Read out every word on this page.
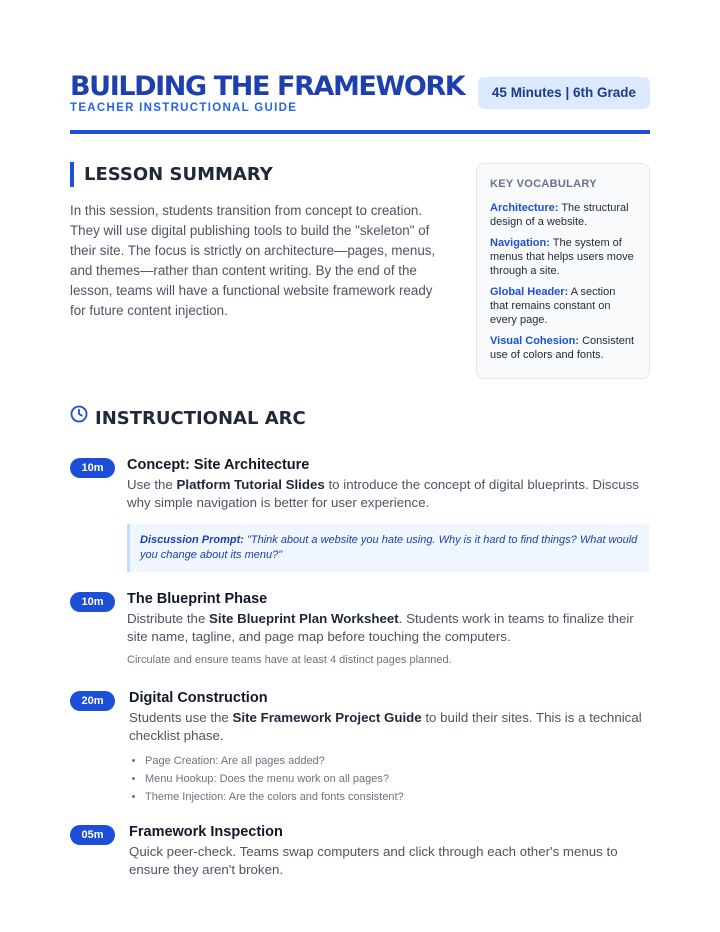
BUILDING THE FRAMEWORK
TEACHER INSTRUCTIONAL GUIDE
45 Minutes | 6th Grade
LESSON SUMMARY

In this session, students transition from concept to creation. They will use digital publishing tools to build the "skeleton" of their site. The focus is strictly on architecture—pages, menus, and themes—rather than content writing. By the end of the lesson, teams will have a functional website framework ready for future content injection.

KEY VOCABULARY
Architecture: The structural design of a website.
Navigation: The system of menus that helps users move through a site.
Global Header: A section that remains constant on every page.
Visual Cohesion: Consistent use of colors and fonts.
INSTRUCTIONAL ARC
10m	Concept: Site Architecture
Use the Platform Tutorial Slides to introduce the concept of digital blueprints. Discuss why simple navigation is better for user experience.
Discussion Prompt: "Think about a website you hate using. Why is it hard to find things? What would you change about its menu?"
10m	The Blueprint Phase
Distribute the Site Blueprint Plan Worksheet. Students work in teams to finalize their site name, tagline, and page map before touching the computers.
Circulate and ensure teams have at least 4 distinct pages planned.
20m	Digital Construction
Students use the Site Framework Project Guide to build their sites. This is a technical checklist phase.
• Page Creation: Are all pages added?
• Menu Hookup: Does the menu work on all pages?
• Theme Injection: Are the colors and fonts consistent?
05m	Framework Inspection
Quick peer-check. Teams swap computers and click through each other's menus to ensure they aren't broken.
